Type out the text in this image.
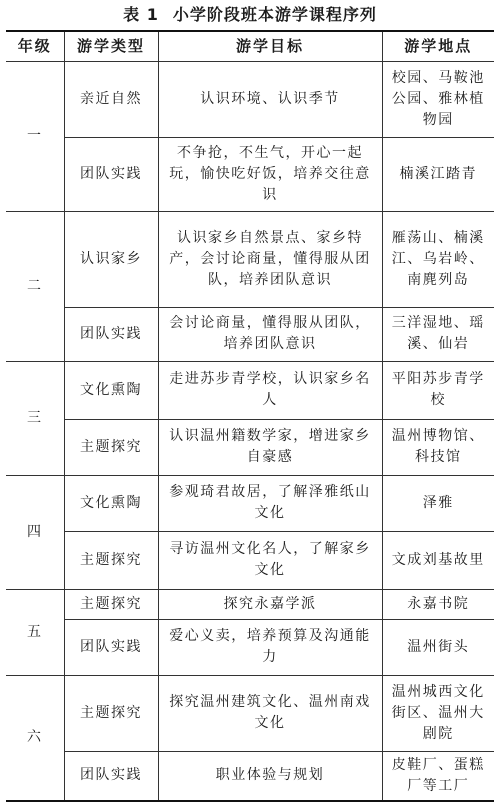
表 1 小学阶段班本游学课程序列
年级	游学类型	游学目标	游学地点
一	亲近自然	认识环境、认识季节	校园、马鞍池公园、雅林植物园
	团队实践	不争抢，不生气，开心一起玩，愉快吃好饭，培养交往意识	楠溪江踏青
二	认识家乡	认识家乡自然景点、家乡特产，会讨论商量，懂得服从团队，培养团队意识	雁荡山、楠溪江、乌岩岭、南麂列岛
	团队实践	会讨论商量，懂得服从团队，培养团队意识	三洋湿地、瑶溪、仙岩
三	文化熏陶	走进苏步青学校，认识家乡名人	平阳苏步青学校
	主题探究	认识温州籍数学家，增进家乡自豪感	温州博物馆、科技馆
四	文化熏陶	参观琦君故居，了解泽雅纸山文化	泽雅
	主题探究	寻访温州文化名人，了解家乡文化	文成刘基故里
五	主题探究	探究永嘉学派	永嘉书院
	团队实践	爱心义卖，培养预算及沟通能力	温州街头
六	主题探究	探究温州建筑文化、温州南戏文化	温州城西文化街区、温州大剧院
	团队实践	职业体验与规划	皮鞋厂、蛋糕厂等工厂
